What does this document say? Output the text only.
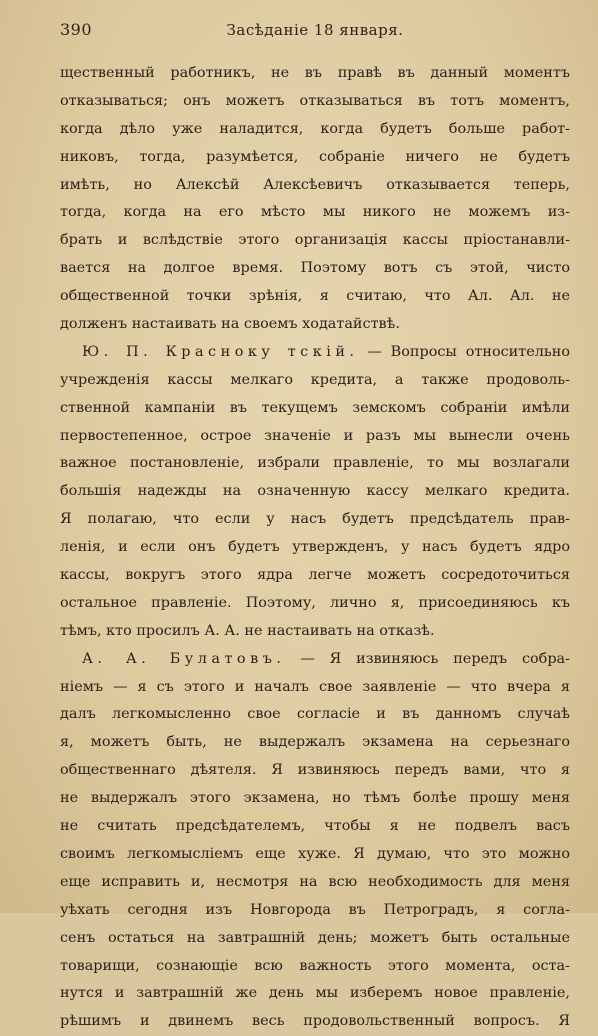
390	Засѣданіе 18 января.
щественный работникъ, не въ правѣ въ данный моментъ
отказываться; онъ можетъ отказываться въ тотъ моментъ,
когда дѣло уже наладится, когда будетъ больше работ-
никовъ, тогда, разумѣется, собраніе ничего не будетъ
имѣть, но Алексѣй Алексѣевичъ отказывается теперь,
тогда, когда на его мѣсто мы никого не можемъ из-
брать и вслѣдствіе этого организація кассы пріостанавли-
вается на долгое время. Поэтому вотъ съ этой, чисто
общественной точки зрѣнія, я считаю, что Ал. Ал. не
долженъ настаивать на своемъ ходатайствѣ.
Ю. П. Красноку тскій. — Вопросы относительно
учрежденія кассы мелкаго кредита, а также продоволь-
ственной кампаніи въ текущемъ земскомъ собраніи имѣли
первостепенное, острое значеніе и разъ мы вынесли очень
важное постановленіе, избрали правленіе, то мы возлагали
большія надежды на означенную кассу мелкаго кредита.
Я полагаю, что если у насъ будетъ предсѣдатель прав-
ленія, и если онъ будетъ утвержденъ, у насъ будетъ ядро
кассы, вокругъ этого ядра легче можетъ сосредоточиться
остальное правленіе. Поэтому, лично я, присоединяюсь къ
тѣмъ, кто просилъ А. А. не настаивать на отказѣ.
А. А. Булатовъ. — Я извиняюсь передъ собра-
ніемъ — я съ этого и началъ свое заявленіе — что вчера я
далъ легкомысленно свое согласіе и въ данномъ случаѣ
я, можетъ быть, не выдержалъ экзамена на серьезнаго
общественнаго дѣятеля. Я извиняюсь передъ вами, что я
не выдержалъ этого экзамена, но тѣмъ болѣе прошу меня
не считать предсѣдателемъ, чтобы я не подвелъ васъ
своимъ легкомысліемъ еще хуже. Я думаю, что это можно
еще исправить и, несмотря на всю необходимость для меня
уѣхать сегодня изъ Новгорода въ Петроградъ, я согла-
сенъ остаться на завтрашній день; можетъ быть остальные
товарищи, сознающіе всю важность этого момента, оста-
нутся и завтрашній же день мы изберемъ новое правленіе,
рѣшимъ и двинемъ весь продовольственный вопросъ. Я
